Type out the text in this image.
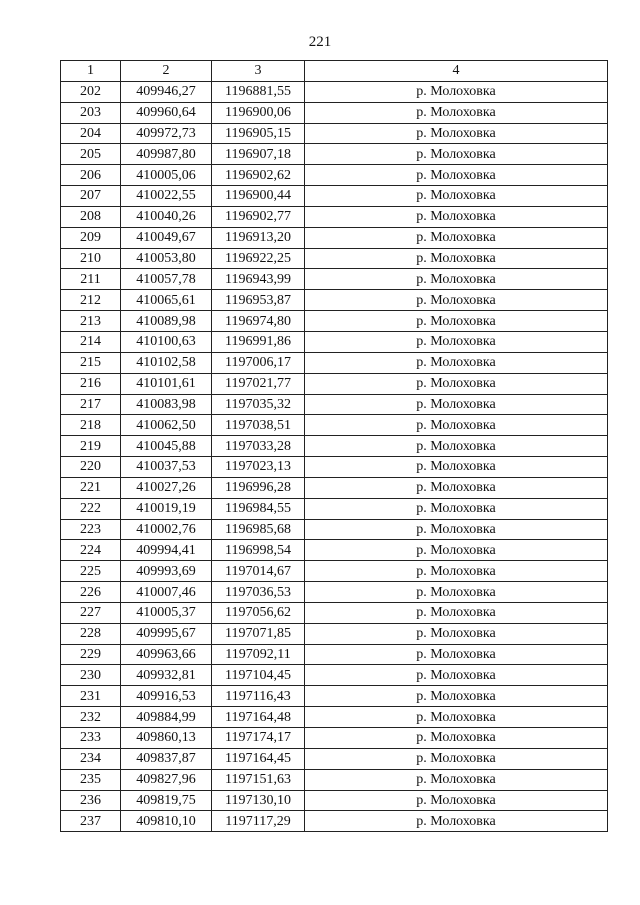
221
1	2	3	4
202	409946,27	1196881,55	р. Молоховка
203	409960,64	1196900,06	р. Молоховка
204	409972,73	1196905,15	р. Молоховка
205	409987,80	1196907,18	р. Молоховка
206	410005,06	1196902,62	р. Молоховка
207	410022,55	1196900,44	р. Молоховка
208	410040,26	1196902,77	р. Молоховка
209	410049,67	1196913,20	р. Молоховка
210	410053,80	1196922,25	р. Молоховка
211	410057,78	1196943,99	р. Молоховка
212	410065,61	1196953,87	р. Молоховка
213	410089,98	1196974,80	р. Молоховка
214	410100,63	1196991,86	р. Молоховка
215	410102,58	1197006,17	р. Молоховка
216	410101,61	1197021,77	р. Молоховка
217	410083,98	1197035,32	р. Молоховка
218	410062,50	1197038,51	р. Молоховка
219	410045,88	1197033,28	р. Молоховка
220	410037,53	1197023,13	р. Молоховка
221	410027,26	1196996,28	р. Молоховка
222	410019,19	1196984,55	р. Молоховка
223	410002,76	1196985,68	р. Молоховка
224	409994,41	1196998,54	р. Молоховка
225	409993,69	1197014,67	р. Молоховка
226	410007,46	1197036,53	р. Молоховка
227	410005,37	1197056,62	р. Молоховка
228	409995,67	1197071,85	р. Молоховка
229	409963,66	1197092,11	р. Молоховка
230	409932,81	1197104,45	р. Молоховка
231	409916,53	1197116,43	р. Молоховка
232	409884,99	1197164,48	р. Молоховка
233	409860,13	1197174,17	р. Молоховка
234	409837,87	1197164,45	р. Молоховка
235	409827,96	1197151,63	р. Молоховка
236	409819,75	1197130,10	р. Молоховка
237	409810,10	1197117,29	р. Молоховка
